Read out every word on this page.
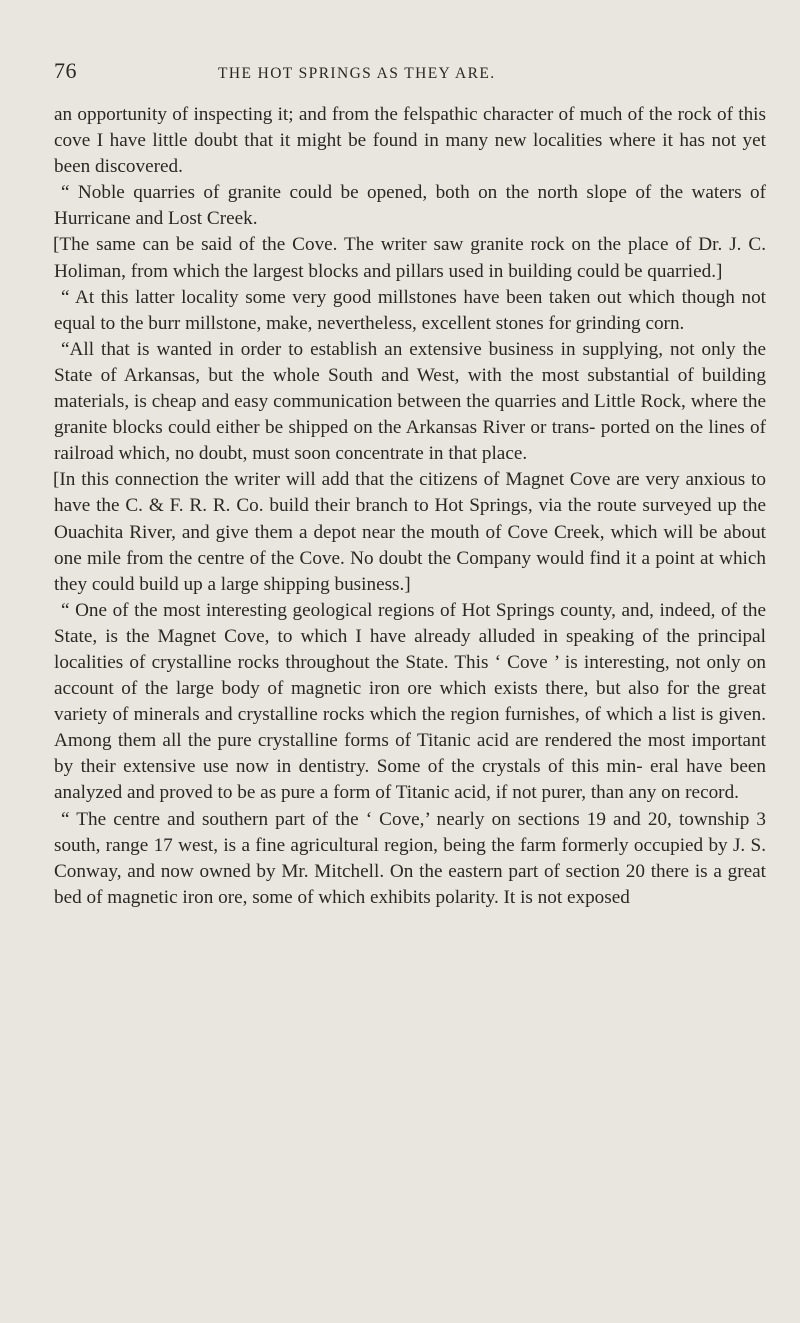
76	THE HOT SPRINGS AS THEY ARE.

an opportunity of inspecting it; and from the felspathic character of much of the rock of this cove I have little doubt that it might be found in many new localities where it has not yet been discovered.

“ Noble quarries of granite could be opened, both on the north slope of the waters of Hurricane and Lost Creek.

[The same can be said of the Cove. The writer saw granite rock on the place of Dr. J. C. Holiman, from which the largest blocks and pillars used in building could be quarried.]

“ At this latter locality some very good millstones have been taken out which though not equal to the burr millstone, make, nevertheless, excellent stones for grinding corn.

“All that is wanted in order to establish an extensive business in supplying, not only the State of Arkansas, but the whole South and West, with the most substantial of building materials, is cheap and easy communication between the quarries and Little Rock, where the granite blocks could either be shipped on the Arkansas River or trans- ported on the lines of railroad which, no doubt, must soon concentrate in that place.

[In this connection the writer will add that the citizens of Magnet Cove are very anxious to have the C. & F. R. R. Co. build their branch to Hot Springs, via the route surveyed up the Ouachita River, and give them a depot near the mouth of Cove Creek, which will be about one mile from the centre of the Cove. No doubt the Company would find it a point at which they could build up a large shipping business.]

“ One of the most interesting geological regions of Hot Springs county, and, indeed, of the State, is the Magnet Cove, to which I have already alluded in speaking of the principal localities of crystalline rocks throughout the State. This ‘ Cove ’ is interesting, not only on account of the large body of magnetic iron ore which exists there, but also for the great variety of minerals and crystalline rocks which the region furnishes, of which a list is given. Among them all the pure crystalline forms of Titanic acid are rendered the most important by their extensive use now in dentistry. Some of the crystals of this min- eral have been analyzed and proved to be as pure a form of Titanic acid, if not purer, than any on record.

“ The centre and southern part of the ‘ Cove,’ nearly on sections 19 and 20, township 3 south, range 17 west, is a fine agricultural region, being the farm formerly occupied by J. S. Conway, and now owned by Mr. Mitchell. On the eastern part of section 20 there is a great bed of magnetic iron ore, some of which exhibits polarity. It is not exposed
